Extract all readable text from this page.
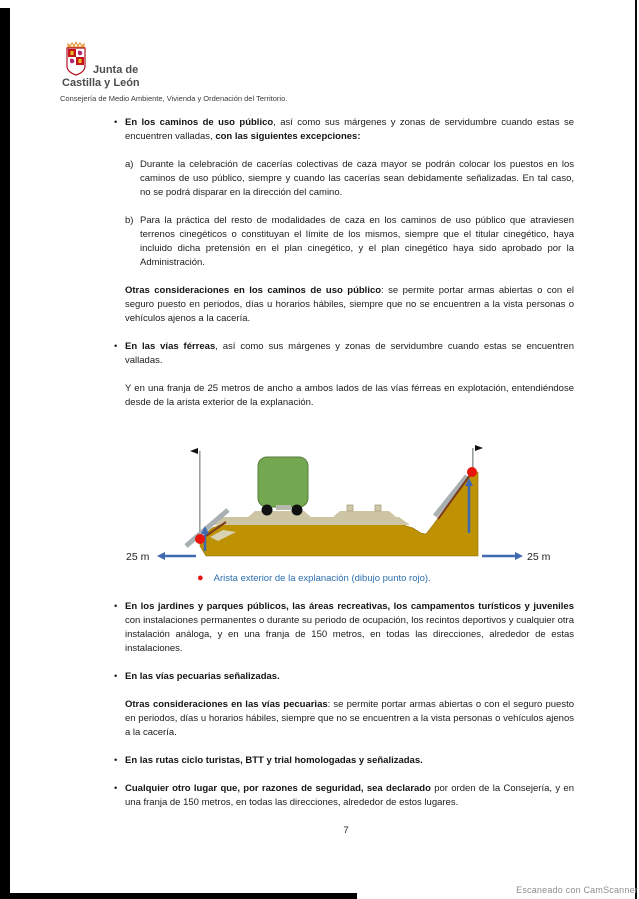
Junta de
Castilla y León
Consejería de Medio Ambiente, Vivienda y Ordenación del Territorio.
• En los caminos de uso público, así como sus márgenes y zonas de servidumbre cuando estas se encuentren valladas, con las siguientes excepciones:
a) Durante la celebración de cacerías colectivas de caza mayor se podrán colocar los puestos en los caminos de uso público, siempre y cuando las cacerías sean debidamente señalizadas. En tal caso, no se podrá disparar en la dirección del camino.
b) Para la práctica del resto de modalidades de caza en los caminos de uso público que atraviesen terrenos cinegéticos o constituyan el límite de los mismos, siempre que el titular cinegético, haya incluido dicha pretensión en el plan cinegético, y el plan cinegético haya sido aprobado por la Administración.
Otras consideraciones en los caminos de uso público: se permite portar armas abiertas o con el seguro puesto en periodos, días u horarios hábiles, siempre que no se encuentren a la vista personas o vehículos ajenos a la cacería.
• En las vías férreas, así como sus márgenes y zonas de servidumbre cuando estas se encuentren valladas.
Y en una franja de 25 metros de ancho a ambos lados de las vías férreas en explotación, entendiéndose desde de la arista exterior de la explanación.
25 m	25 m
● Arista exterior de la explanación (dibujo punto rojo).
• En los jardines y parques públicos, las áreas recreativas, los campamentos turísticos y juveniles con instalaciones permanentes o durante su periodo de ocupación, los recintos deportivos y cualquier otra instalación análoga, y en una franja de 150 metros, en todas las direcciones, alrededor de estas instalaciones.
• En las vías pecuarias señalizadas.
Otras consideraciones en las vías pecuarias: se permite portar armas abiertas o con el seguro puesto en periodos, días u horarios hábiles, siempre que no se encuentren a la vista personas o vehículos ajenos a la cacería.
• En las rutas ciclo turistas, BTT y trial homologadas y señalizadas.
• Cualquier otro lugar que, por razones de seguridad, sea declarado por orden de la Consejería, y en una franja de 150 metros, en todas las direcciones, alrededor de estos lugares.
7
Escaneado con CamScanner
